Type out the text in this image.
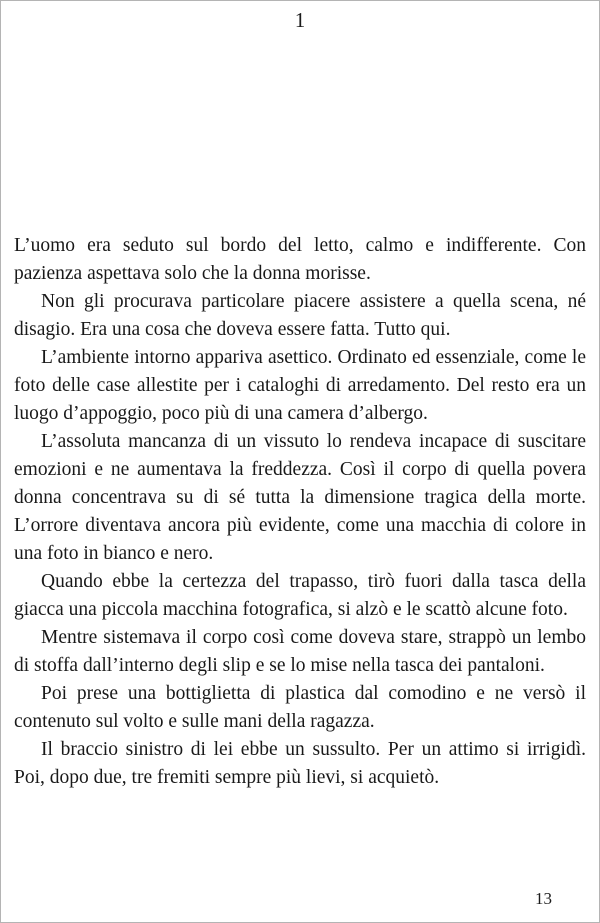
1

L’uomo era seduto sul bordo del letto, calmo e indifferente. Con pazienza aspettava solo che la donna morisse.

Non gli procurava particolare piacere assistere a quella scena, né disagio. Era una cosa che doveva essere fatta. Tutto qui.

L’ambiente intorno appariva asettico. Ordinato ed essenziale, come le foto delle case allestite per i cataloghi di arredamento. Del resto era un luogo d’appoggio, poco più di una camera d’albergo.

L’assoluta mancanza di un vissuto lo rendeva incapace di suscitare emozioni e ne aumentava la freddezza. Così il corpo di quella povera donna concentrava su di sé tutta la dimensione tragica della morte. L’orrore diventava ancora più evidente, come una macchia di colore in una foto in bianco e nero.

Quando ebbe la certezza del trapasso, tirò fuori dalla tasca della giacca una piccola macchina fotografica, si alzò e le scattò alcune foto.

Mentre sistemava il corpo così come doveva stare, strappò un lembo di stoffa dall’interno degli slip e se lo mise nella tasca dei pantaloni.

Poi prese una bottiglietta di plastica dal comodino e ne versò il contenuto sul volto e sulle mani della ragazza.

Il braccio sinistro di lei ebbe un sussulto. Per un attimo si irrigidì. Poi, dopo due, tre fremiti sempre più lievi, si acquietò.

13
